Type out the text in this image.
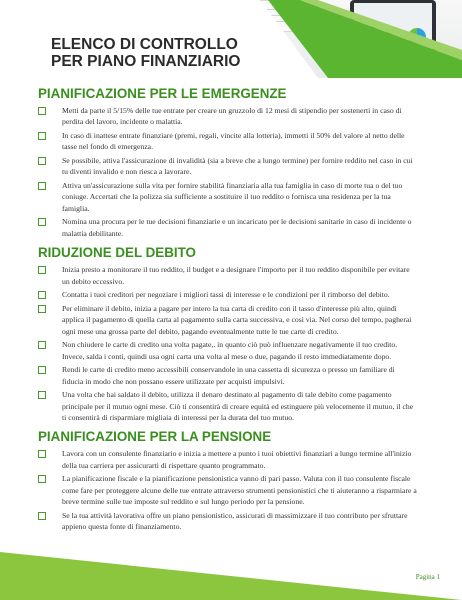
ELENCO DI CONTROLLO
PER PIANO FINANZIARIO
PIANIFICAZIONE PER LE EMERGENZE
Metti da parte il 5/15% delle tue entrate per creare un gruzzolo di 12 mesi di stipendio per sostenerti in caso di perdita del lavoro, incidente o malattia.
In caso di inattese entrate finanziare (premi, regali, vincite alla lotteria), immetti il 50% del valore al netto delle tasse nel fondo di emergenza.
Se possibile, attiva l'assicurazione di invalidità (sia a breve che a lungo termine) per fornire reddito nel caso in cui tu diventi invalido e non riesca a lavorare.
Attiva un'assicurazione sulla vita per fornire stabilità finanziaria alla tua famiglia in caso di morte tua o del tuo coniuge. Accertati che la polizza sia sufficiente a sostituire il tuo reddito o fornisca una residenza per la tua famiglia.
Nomina una procura per le tue decisioni finanziarie e un incaricato per le decisioni sanitarie in caso di incidente o malattia debilitante.
RIDUZIONE DEL DEBITO
Inizia presto a monitorare il tuo reddito, il budget e a designare l'importo per il tuo reddito disponibile per evitare un debito eccessivo.
Contatta i tuoi creditori per negoziare i migliori tassi di interesse e le condizioni per il rimborso del debito.
Per eliminare il debito, inizia a pagare per intero la tua carta di credito con il tasso d'interesse più alto, quindi applica il pagamento di quella carta al pagamento sulla carta successiva, e così via. Nel corso del tempo, pagherai ogni mese una grossa parte del debito, pagando eventualmente tutte le tue carte di credito.
Non chiudere le carte di credito una volta pagate,. in quanto ciò può influenzare negativamente il tuo credito. Invece, salda i conti, quindi usa ogni carta una volta al mese o due, pagando il resto immediatamente dopo.
Rendi le carte di credito meno accessibili conservandole in una cassetta di sicurezza o presso un familiare di fiducia in modo che non possano essere utilizzate per acquisti impulsivi.
Una volta che hai saldato il debito, utilizza il denaro destinato al pagamento di tale debito come pagamento principale per il mutuo ogni mese. Ciò ti consentirà di creare equità ed estinguere più velocemente il mutuo, il che ti consentirà di risparmiare migliaia di interessi per la durata del tuo mutuo.
PIANIFICAZIONE PER LA PENSIONE
Lavora con un consulente finanziario e inizia a mettere a punto i tuoi obiettivi finanziari a lungo termine all'inizio della tua carriera per assicurarti di rispettare quanto programmato.
La pianificazione fiscale e la pianificazione pensionistica vanno di pari passo. Valuta con il tuo consulente fiscale come fare per proteggere alcune delle tue entrate attraverso strumenti pensionistici che ti aiuteranno a risparmiare a breve termine sulle tue imposte sul reddito e sul lungo periodo per la pensione.
Se la tua attività lavorativa offre un piano pensionistico, assicurati di massimizzare il tuo contributo per sfruttare appieno questa fonte di finanziamento.
Pagina 1
